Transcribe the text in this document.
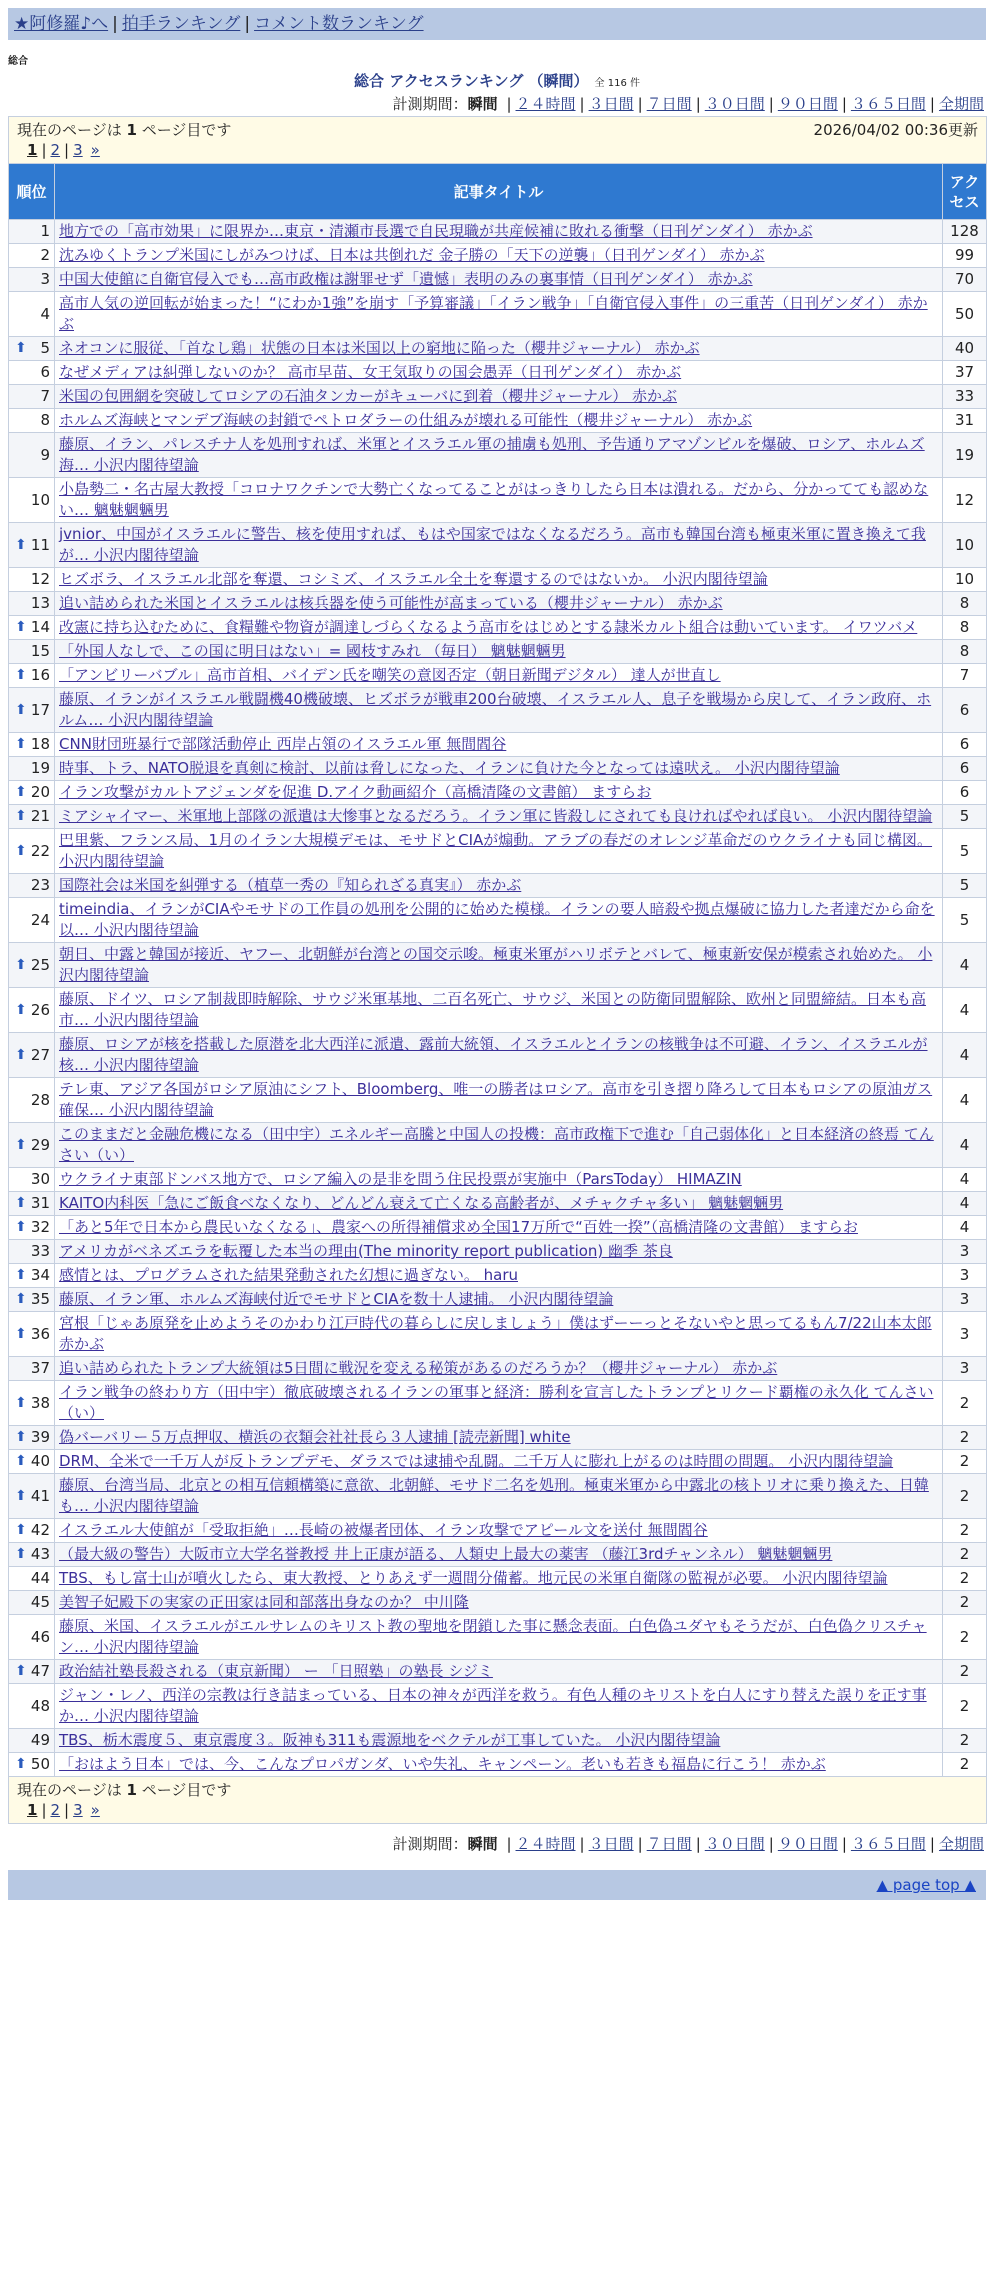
★阿修羅♪へ | 拍手ランキング | コメント数ランキング
総合
総合 アクセスランキング （瞬間） 全 116 件
計測期間：瞬間 | ２４時間 | ３日間 | ７日間 | ３０日間 | ９０日間 | ３６５日間 | 全期間
現在のページは 1 ページ目です 2026/04/02 00:36更新
1 | 2 | 3 »		

順位	記事タイトル	アクセス
1	地方での「高市効果」に限界か…東京・清瀬市長選で自民現職が共産候補に敗れる衝撃（日刊ゲンダイ） 赤かぶ	128
2	沈みゆくトランプ米国にしがみつけば、日本は共倒れだ 金子勝の「天下の逆襲」（日刊ゲンダイ） 赤かぶ	99
3	中国大使館に自衛官侵入でも…高市政権は謝罪せず「遺憾」表明のみの裏事情（日刊ゲンダイ） 赤かぶ	70
4	高市人気の逆回転が始まった！“にわか1強”を崩す「予算審議」「イラン戦争」「自衛官侵入事件」の三重苦（日刊ゲンダイ） 赤かぶ	50

⬆ 5	ネオコンに服従、「首なし鶏」状態の日本は米国以上の窮地に陥った（櫻井ジャーナル） 赤かぶ	40
6	なぜメディアは糾弾しないのか？ 高市早苗、女王気取りの国会愚弄（日刊ゲンダイ） 赤かぶ	37
7	米国の包囲網を突破してロシアの石油タンカーがキューバに到着（櫻井ジャーナル） 赤かぶ	33
8	ホルムズ海峡とマンデブ海峡の封鎖でペトロダラーの仕組みが壊れる可能性（櫻井ジャーナル） 赤かぶ	31
9	藤原、イラン、パレスチナ人を処刑すれば、米軍とイスラエル軍の捕虜も処刑、予告通りアマゾンビルを爆破、ロシア、ホルムズ海… 小沢内閣待望論	19
10	小島勢二・名古屋大教授「コロナワクチンで大勢亡くなってることがはっきりしたら日本は潰れる。だから、分かってても認めない… 魑魅魍魎男	12

⬆ 11	jvnior、中国がイスラエルに警告、核を使用すれば、もはや国家ではなくなるだろう。高市も韓国台湾も極東米軍に置き換えて我が… 小沢内閣待望論	10
12	ヒズボラ、イスラエル北部を奪還、コシミズ、イスラエル全土を奪還するのではないか。 小沢内閣待望論	10
13	追い詰められた米国とイスラエルは核兵器を使う可能性が高まっている（櫻井ジャーナル） 赤かぶ	8

⬆ 14	改憲に持ち込むために、食糧難や物資が調達しづらくなるよう高市をはじめとする隷米カルト組合は動いています。 イワツバメ	8
15	「外国人なしで、この国に明日はない」= 國枝すみれ （毎日） 魑魅魍魎男	8

⬆ 16	「アンビリーバブル」高市首相、バイデン氏を嘲笑の意図否定（朝日新聞デジタル） 達人が世直し	7

⬆ 17	藤原、イランがイスラエル戦闘機40機破壊、ヒズボラが戦車200台破壊、イスラエル人、息子を戦場から戻して、イラン政府、ホルム… 小沢内閣待望論	6

⬆ 18	CNN財団班暴行で部隊活動停止 西岸占領のイスラエル軍 無間閻谷	6
19	時事、トラ、NATO脱退を真剣に検討、以前は脅しになった、イランに負けた今となっては遠吠え。 小沢内閣待望論	6

⬆ 20	イラン攻撃がカルトアジェンダを促進 D.アイク動画紹介（高橋清隆の文書館） ますらお	6

⬆ 21	ミアシャイマー、米軍地上部隊の派遣は大惨事となるだろう。イラン軍に皆殺しにされても良ければやれば良い。 小沢内閣待望論	5

⬆ 22	巴里紫、フランス局、1月のイラン大規模デモは、モサドとCIAが煽動。アラブの春だのオレンジ革命だのウクライナも同じ構図。 小沢内閣待望論	5
23	国際社会は米国を糾弾する（植草一秀の『知られざる真実』） 赤かぶ	5
24	timeindia、イランがCIAやモサドの工作員の処刑を公開的に始めた模様。イランの要人暗殺や拠点爆破に協力した者達だから命を以… 小沢内閣待望論	5

⬆ 25	朝日、中露と韓国が接近、ヤフー、北朝鮮が台湾との国交示唆。極東米軍がハリボテとバレて、極東新安保が模索され始めた。 小沢内閣待望論	4

⬆ 26	藤原、ドイツ、ロシア制裁即時解除、サウジ米軍基地、二百名死亡、サウジ、米国との防衛同盟解除、欧州と同盟締結。日本も高市… 小沢内閣待望論	4

⬆ 27	藤原、ロシアが核を搭載した原潜を北大西洋に派遣、露前大統領、イスラエルとイランの核戦争は不可避、イラン、イスラエルが核… 小沢内閣待望論	4
28	テレ東、アジア各国がロシア原油にシフト、Bloomberg、唯一の勝者はロシア。高市を引き摺り降ろして日本もロシアの原油ガス確保… 小沢内閣待望論	4

⬆ 29	このままだと金融危機になる（田中宇）エネルギー高騰と中国人の投機：高市政権下で進む「自己弱体化」と日本経済の終焉 てんさい（い）	4
30	ウクライナ東部ドンバス地方で、ロシア編入の是非を問う住民投票が実施中（ParsToday） HIMAZIN	4

⬆ 31	KAITO内科医「急にご飯食べなくなり、どんどん衰えて亡くなる高齢者が、メチャクチャ多い」 魑魅魍魎男	4

⬆ 32	「あと5年で日本から農民いなくなる」、農家への所得補償求め全国17万所で“百姓一揆”（高橋清隆の文書館） ますらお	4
33	アメリカがベネズエラを転覆した本当の理由(The minority report publication) 幽季 茶良	3

⬆ 34	感情とは、プログラムされた結果発動された幻想に過ぎない。 haru	3

⬆ 35	藤原、イラン軍、ホルムズ海峡付近でモサドとCIAを数十人逮捕。 小沢内閣待望論	3

⬆ 36	宮根「じゃあ原発を止めようそのかわり江戸時代の暮らしに戻しましょう」僕はずーーっとそないやと思ってるもん7/22山本太郎 赤かぶ	3
37	追い詰められたトランプ大統領は5日間に戦況を変える秘策があるのだろうか？（櫻井ジャーナル） 赤かぶ	3

⬆ 38	イラン戦争の終わり方（田中宇）徹底破壊されるイランの軍事と経済：勝利を宣言したトランプとリクード覇権の永久化 てんさい（い）	2

⬆ 39	偽バーバリー５万点押収、横浜の衣類会社社長ら３人逮捕 [読売新聞] white	2

⬆ 40	DRM、全米で一千万人が反トランプデモ、ダラスでは逮捕や乱闘。二千万人に膨れ上がるのは時間の問題。 小沢内閣待望論	2

⬆ 41	藤原、台湾当局、北京との相互信頼構築に意欲、北朝鮮、モサド二名を処刑。極東米軍から中露北の核トリオに乗り換えた、日韓も… 小沢内閣待望論	2

⬆ 42	イスラエル大使館が「受取拒絶」…長崎の被爆者団体、イラン攻撃でアピール文を送付 無間閻谷	2

⬆ 43	（最大級の警告）大阪市立大学名誉教授 井上正康が語る、人類史上最大の薬害 （藤江3rdチャンネル） 魑魅魍魎男	2
44	TBS、もし富士山が噴火したら、東大教授、とりあえず一週間分備蓄。地元民の米軍自衛隊の監視が必要。 小沢内閣待望論	2
45	美智子妃殿下の実家の正田家は同和部落出身なのか？ 中川隆	2
46	藤原、米国、イスラエルがエルサレムのキリスト教の聖地を閉鎖した事に懸念表面。白色偽ユダヤもそうだが、白色偽クリスチャン… 小沢内閣待望論	2

⬆ 47	政治結社塾長殺される（東京新聞） ー 「日照塾」の塾長 シジミ	2
48	ジャン・レノ、西洋の宗教は行き詰まっている、日本の神々が西洋を救う。有色人種のキリストを白人にすり替えた誤りを正す事か… 小沢内閣待望論	2
49	TBS、栃木震度５、東京震度３。阪神も311も震源地をベクテルが工事していた。 小沢内閣待望論	2

⬆ 50	「おはよう日本」では、今、こんなプロパガンダ、いや失礼、キャンペーン。老いも若きも福島に行こう！ 赤かぶ	2

現在のページは 1 ページ目です
1 | 2 | 3 »		
計測期間：瞬間 | ２４時間 | ３日間 | ７日間 | ３０日間 | ９０日間 | ３６５日間 | 全期間
▲ page top ▲
